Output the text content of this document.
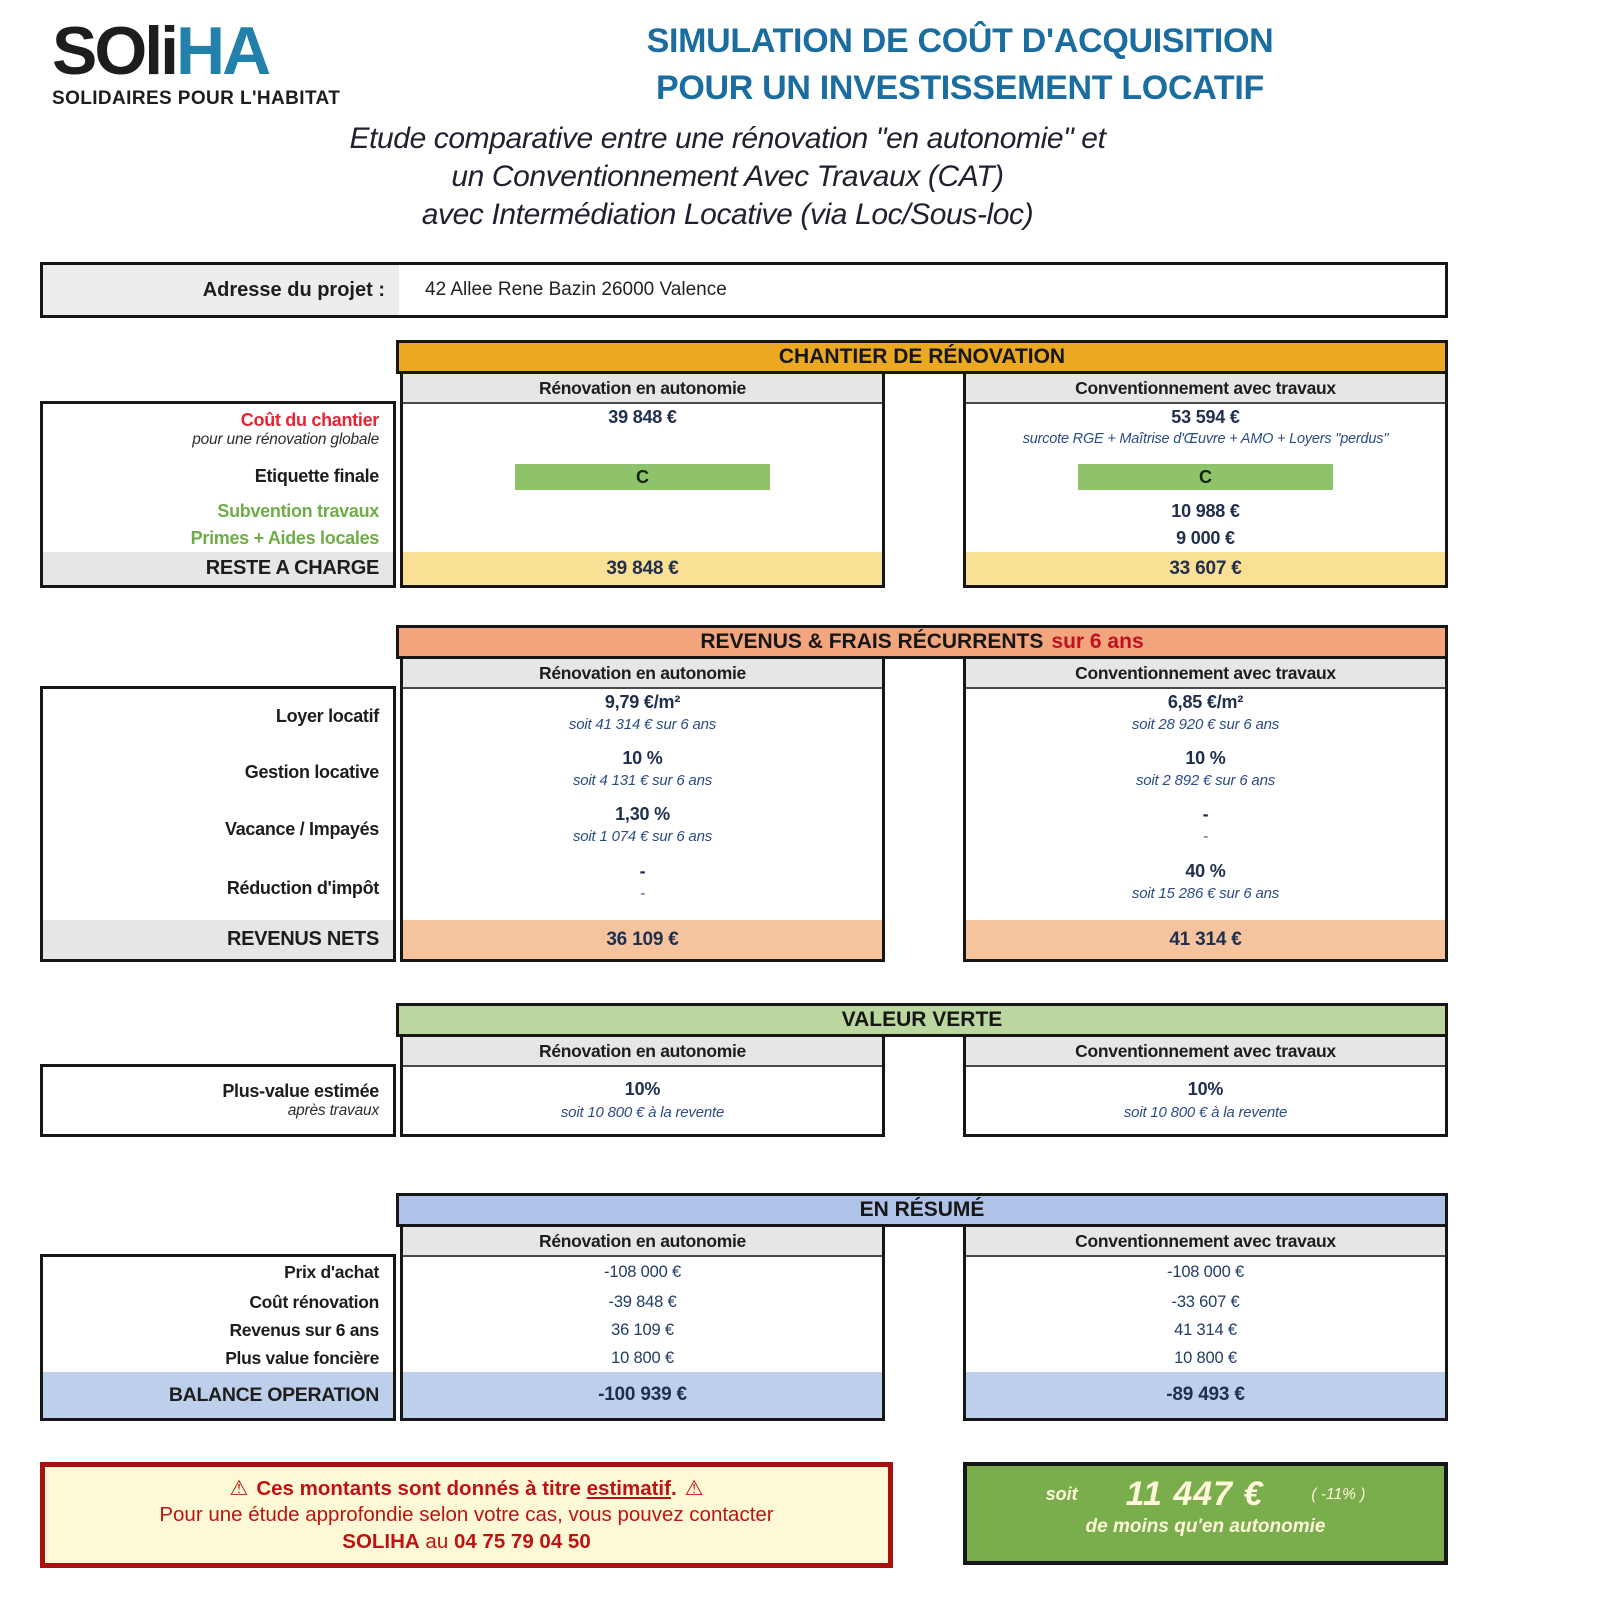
SOliHA
SOLIDAIRES POUR L'HABITAT
SIMULATION DE COÛT D'ACQUISITION
POUR UN INVESTISSEMENT LOCATIF
Etude comparative entre une rénovation "en autonomie" et
un Conventionnement Avec Travaux (CAT)
avec Intermédiation Locative (via Loc/Sous-loc)
Adresse du projet :	42 Allee Rene Bazin 26000 Valence
CHANTIER DE RÉNOVATION
Coût du chantier
pour une rénovation globale
Etiquette finale
Subvention travaux
Primes + Aides locales
RESTE A CHARGE
Rénovation en autonomie
39 848 €
C
39 848 €
Conventionnement avec travaux
53 594 €
surcote RGE + Maîtrise d'Œuvre + AMO + Loyers "perdus"
C
10 988 €
9 000 €
33 607 €
REVENUS & FRAIS RÉCURRENTS sur 6 ans
Loyer locatif
Gestion locative
Vacance / Impayés
Réduction d'impôt
REVENUS NETS
Rénovation en autonomie
9,79 €/m²
soit 41 314 € sur 6 ans
10 %
soit 4 131 € sur 6 ans
1,30 %
soit 1 074 € sur 6 ans
-
-
36 109 €
Conventionnement avec travaux
6,85 €/m²
soit 28 920 € sur 6 ans
10 %
soit 2 892 € sur 6 ans
-
-
40 %
soit 15 286 € sur 6 ans
41 314 €
VALEUR VERTE
Plus-value estimée
après travaux
Rénovation en autonomie
10%
soit 10 800 € à la revente
Conventionnement avec travaux
10%
soit 10 800 € à la revente
EN RÉSUMÉ
Prix d'achat
Coût rénovation
Revenus sur 6 ans
Plus value foncière
BALANCE OPERATION
Rénovation en autonomie
-108 000 €
-39 848 €
36 109 €
10 800 €
-100 939 €
Conventionnement avec travaux
-108 000 €
-33 607 €
41 314 €
10 800 €
-89 493 €
⚠ Ces montants sont donnés à titre estimatif. ⚠
Pour une étude approfondie selon votre cas, vous pouvez contacter
SOLIHA au 04 75 79 04 50
soit 11 447 €	( -11% )
de moins qu'en autonomie
